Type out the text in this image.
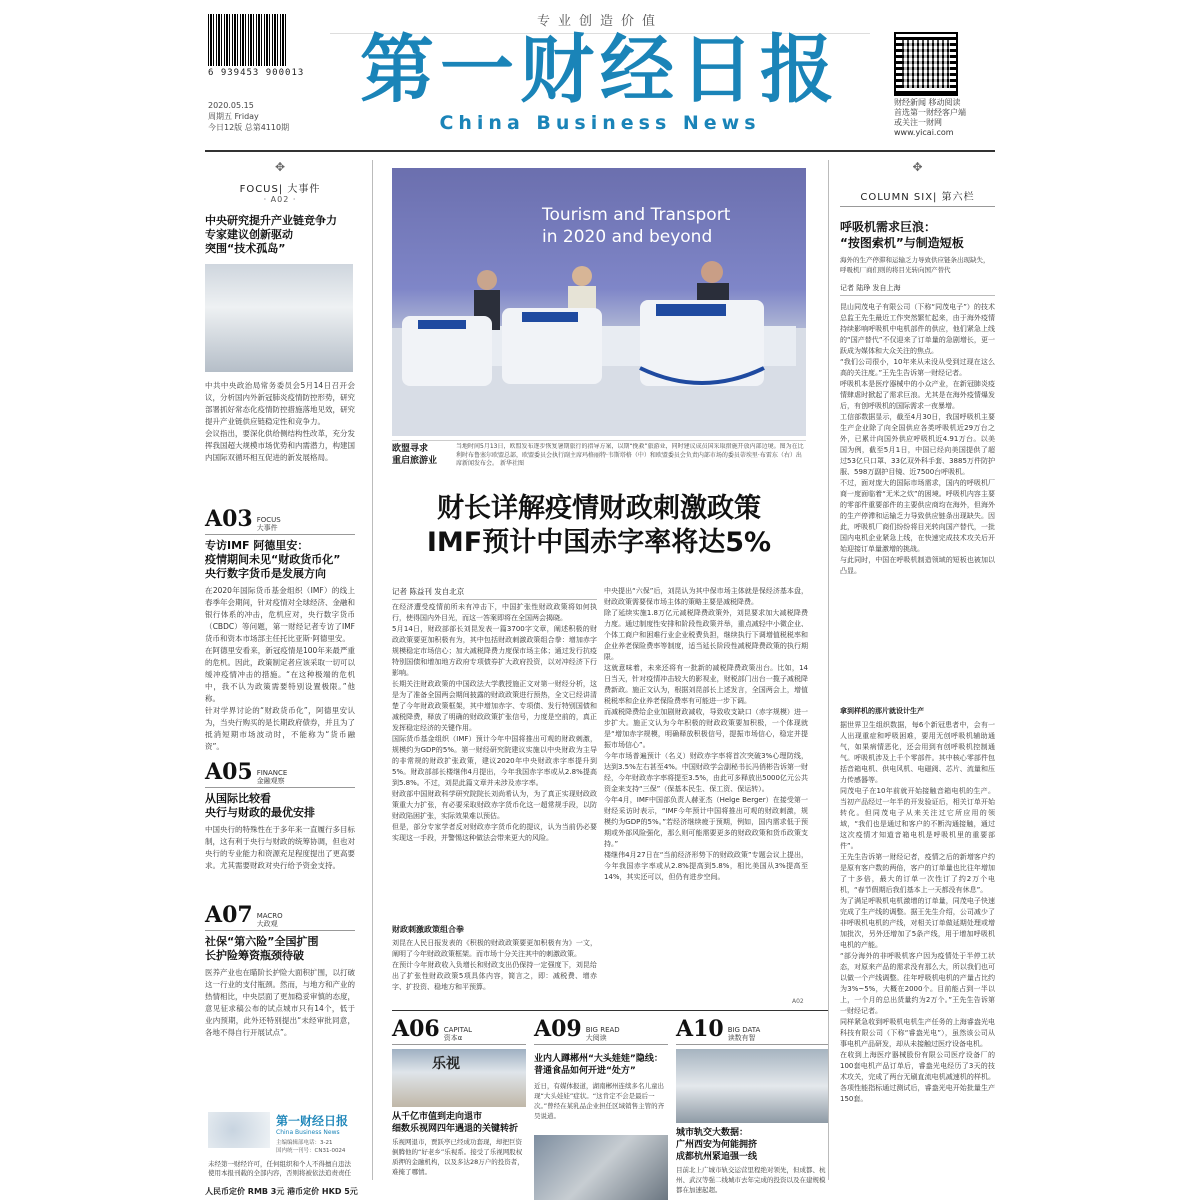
6 939453 900013
2020.05.15
周期五 Friday
今日12版 总第4110期
专业创造价值
第一财经日报
China Business News
财经新闻 移动阅读
首选第一财经客户端
或关注一财网
www.yicai.com
✥
FOCUS| 大事件
· A02 ·
中央研究提升产业链竞争力
专家建议创新驱动
突围“技术孤岛”
中共中央政治局常务委员会5月14日召开会议，分析国内外新冠肺炎疫情防控形势，研究部署抓好常态化疫情防控措施落地见效，研究提升产业链供应链稳定性和竞争力。
会议指出，要深化供给侧结构性改革，充分发挥我国超大规模市场优势和内需潜力，构建国内国际双循环相互促进的新发展格局。
A03 FOCUS
大事件
专访IMF 阿德里安：
疫情期间未见“财政货币化”
央行数字货币是发展方向
在2020年国际货币基金组织（IMF）的线上春季年会期间，针对疫情对全球经济、金融和银行体系的冲击，危机应对，央行数字货币（CBDC）等问题，第一财经记者专访了IMF货币和资本市场部主任托比亚斯·阿德里安。
在阿德里安看来，新冠疫情是100年来最严重的危机。因此，政策制定者应该采取一切可以缓冲疫情冲击的措施。“在这种极端的危机中，我不认为政策需要特别设置极限。”他称。
针对学界讨论的“财政货币化”，阿德里安认为，当央行购买的是长期政府债券，并且为了抵消短期市场波动时，不能称为“货币融资”。

A05 FINANCE
金融观察
从国际比较看
央行与财政的最优安排
中国央行的特殊性在于多年来一直履行多目标制，这有利于央行与财政的统筹协调，但也对央行的专业能力和资源充足程度提出了更高要求。尤其需要财政对央行给予资金支持。
A07 MACRO
大政观
社保“第六险”全国扩围
长护险筹资瓶颈待破
医养产业也在瞄阶长护险大面积扩围，以打破这一行业的支付瓶颈。然而，与地方和产业的热情相比，中央层面了更加稳妥审慎的态度，意见征求稿公布的试点城市只有14个，低于业内预期，此外还特别提出“未经审批同意，各地不得自行开展试点”。
第一财经日报
China Business News
主编编辑部电话：3-21
国内统一刊号：CN31-0024
未经第一财经许可，任何组织和个人不得擅自违法使用本报刊载的全部内容，否则将被依法追责责任
Tourism and Transport
in 2020 and beyond
欧盟寻求
重启旅游业
当地时间5月13日，欧盟发布逐步恢复暑期旅行的指导方案，以期“挽救”旅游业，同时建议成员国采取措施开放内部边境。图为在比利时布鲁塞尔欧盟总部，欧盟委员会执行副主席玛格丽特·韦斯塔格（中）和欧盟委员会负责内部市场的委员蒂埃里·布雷东（右）出席新闻发布会。 新华社图
财长详解疫情财政刺激政策
IMF预计中国赤字率将达5%
记者 陈益刊 发自北京
在经济遭受疫情前所未有冲击下，中国扩张性财政政策将如何执行，使得国内外目光，而这一答案即将在全国两会揭晓。
5月14日，财政部部长刘昆发表一篇3700字文章，阐述积极的财政政策要更加积极有为，其中包括财政刺激政策组合拳：增加赤字规模稳定市场信心；加大减税降费力度保市场主体；通过发行抗疫特别国债和增加地方政府专项债券扩大政府投资，以对冲经济下行影响。
长期关注财政政策的中国政法大学教授施正文对第一财经分析，这是为了准备全国两会期间披露的财政政策进行预热，全文已经讲清楚了今年财政政策框架，其中增加赤字、专项债、发行特别国债和减税降费，释放了明确的财政政策扩张信号，力度是空前的，真正发挥稳定经济的关键作用。
国际货币基金组织（IMF）预计今年中国将推出可观的财政刺激，规模约为GDP的5%。第一财经研究院建议实施以中央财政为主导的非常规的财政扩张政策，建议2020年中央财政赤字率提升到5%。财政部部长楼继伟4月提出，今年我国赤字率或从2.8%提高到5.8%。不过，刘昆此篇文章并未涉及赤字率。
财政部中国财政科学研究院院长刘尚希认为，为了真正实现财政政策重大力扩张，有必要采取财政赤字货币化这一超常规手段，以防财政陷困扩张，实际效果难以预估。
但是，部分专家学者反对财政赤字货币化的提议，认为当前仍必要实现这一手段，并警惕这种做法会带来更大的风险。
财政刺激政策组合拳
刘昆在人民日报发表的《积极的财政政策要更加积极有为》一文，阐明了今年财政政策框架。而市场十分关注其中的刺激政策。
在预计今年财政收入负增长和财政支出仍保持一定强度下，刘昆给出了扩张性财政政策5项具体内容，简言之，即：减税费、增赤字、扩投资、稳地方和平预算。
中央提出“六保”后，刘昆认为其中保市场主体就是保经济基本盘，财政政策需要保市场主体的策略主要是减税降费。
除了延续实施1.8万亿元减税降费政策外，刘昆要求加大减税降费力度。通过制度性安排和阶段性政策并举，重点减轻中小微企业、个体工商户和困难行业企业税费负担，继续执行下调增值税税率和企业养老保险费率等制度，适当延长阶段性减税降费政策的执行期限。
这就意味着，未来还将有一批新的减税降费政策出台。比如，14日当天，针对疫情冲击较大的影视业，财税部门出台一揽子减税降费新政。施正文认为，根据刘昆部长上述发言，全国两会上，增值税税率和企业养老保险费率有可能进一步下调。
而减税降费给企业加剧财政减收，导致收支缺口（赤字规模）进一步扩大。施正文认为今年积极的财政政策要加积极，一个体现就是“增加赤字规模，明确释放积极信号，提振市场信心，稳定并提振市场信心”。
今年市场普遍预计（名义）财政赤字率将首次突破3%心理防线，达到3.5%左右甚至4%。中国财政学会副秘书长冯俏彬告诉第一财经，今年财政赤字率将提至3.5%，由此可多释放出5000亿元公共资金来支持“三保”（保基本民生、保工资、保运转）。
今年4月，IMF中国部负责人赫亚杰（Helge Berger）在接受第一财经采访时表示，“IMF今年预计中国将推出可观的财政刺激，规模约为GDP的5%。”若经济继续疲于预期，例如，国内需求低于预期或外部风险强化，那么则可能需要更多的财政政策和货币政策支持。”
楼继伟4月27日在“当前经济形势下的财政政策”专题会议上提出，今年我国赤字率或从2.8%提高到5.8%，相比美国从3%提高至14%，其实还可以，但仍有进步空间。
A02
A06 CAPITAL
资本α
乐视
从千亿市值到走向退市
细数乐视网四年遇退的关键转折
乐视网退市，贾跃亭已经成功套现，却把巨资倒腾他的“好老乡”乐视系。接受了乐视网股权质押的金融机构，以及多达28万户的投资者，难掩了哪情。
A09 BIG READ
大阅读
业内人蹲郴州“大头娃娃”隐线：
普通食品如何开进“处方”
近日，有媒体报道，湖南郴州连续多名儿童出现“大头娃娃”症状。“这肯定不会是最后一次。”曾经在某乳品企业担任区域销售主管的齐昊说道。
A10 BIG DATA
读数有智
城市轨交大数据：
广州西安为何能拥挤
成都杭州紧追强一线
目前北上广城市轨交运营里程绝对领先，但成都、杭州、武汉等强二线城市去年完成的投资以及在建规模都在加速起超。
✥
COLUMN SIX| 第六栏
呼吸机需求巨浪：
“按图索机”与制造短板
海外的生产停滞和运输乏力导致供应链条出现缺失，呼吸机厂商们则的将目光转向国产替代
记者 陆琤 发自上海
昆山同茂电子有限公司（下称“同茂电子”）的技术总监王先生最近工作突然繁忙起来，由于海外疫情持续影响呼吸机中电机部件的供应，他们紧急上线的“国产替代”不仅迎来了订单量的急剧增长，更一跃成为媒体和大众关注的焦点。
“我们公司很小，10年来从未没从受到过现在这么高的关注度。”王先生告诉第一财经记者。
呼吸机本是医疗器械中的小众产业，在新冠肺炎疫情肆虐时掀起了需求巨浪。尤其是在海外疫情爆发后，有创呼吸机的国际需求一夜暴增。
工信部数据显示，截至4月30日，我国呼吸机主要生产企业除了向全国供应各类呼吸机近29万台之外，已累计向国外供应呼吸机近4.91万台。以美国为例，截至5月1日，中国已经向美国提供了超过53亿只口罩、33亿双外科手套、3885万件防护服、598万副护目镜、近7500台呼吸机。
不过，面对庞大的国际市场需求，国内的呼吸机厂商一度面临着“无米之炊”的困境。呼吸机内容主要的零部件重要部件的主要供应商均在海外，但海外的生产停滞和运输乏力导致供应链条出现缺失。因此，呼吸机厂商们纷纷将目光转向国产替代，一批国内电机企业紧急上线，在快速完成技术攻关后开始迎接订单量激增的挑战。
与此同时，中国在呼吸机制造领域的短板也被加以凸显。
拿到样机的那片就设计生产
据世界卫生组织数据，每6个新冠患者中，会有一人出现重症和呼吸困难，要用无创呼吸机辅助通气，如果病情恶化，还会用到有创呼吸机控制通气。呼吸机涉及上千个零部件。其中核心零部件包括音箱电机、供电风机、电磁阀、芯片、流量和压力传感器等。
同茂电子在10年前就开始接触音箱电机的生产。当初产品经过一年半的开发验证后，相关订单开始转化。但同茂电子从来关注过它所应用的领域，“我们也是通过和客户的不断沟通接触，通过这次疫情才知道音箱电机是呼吸机里的重要部件”。
王先生告诉第一财经记者，疫情之后的新增客户约是原有客户数的两倍，客户的订单量也比往年增加了十多倍，最大的订单一次性订了约2万个电机，“春节假期后我们基本上一天都没有休息”。
为了满足呼吸机电机激增的订单量，同茂电子快速完成了生产线的调整。据王先生介绍，公司减少了非呼吸机电机的产线，对相关订单做延期处理或增加批次，另外还增加了5条产线，用于增加呼吸机电机的产能。
“部分海外的非呼吸机客户因为疫情处于半停工状态，对原来产品的需求没有那么大，所以我们也可以做一个产线调整。往年呼吸机电机的产量占比约为3%~5%，大概在2000个。目前能占到一半以上，一个月的总出货量约为2万个。”王先生告诉第一财经记者。
同样紧急收到呼吸机电机生产任务的上海睿盎光电科技有限公司（下称“睿盎光电”），虽然该公司从事电机产品研发，却从未接触过医疗设备电机。
在收到上海医疗器械股份有限公司医疗设备厂的100套电机产品订单后，睿盎光电经历了3天的技术攻关，完成了两台无刷直流电机减速机的样机。各项性能指标通过测试后，睿盎光电开始批量生产150套。
人民币定价 RMB 3元 港币定价 HKD 5元
